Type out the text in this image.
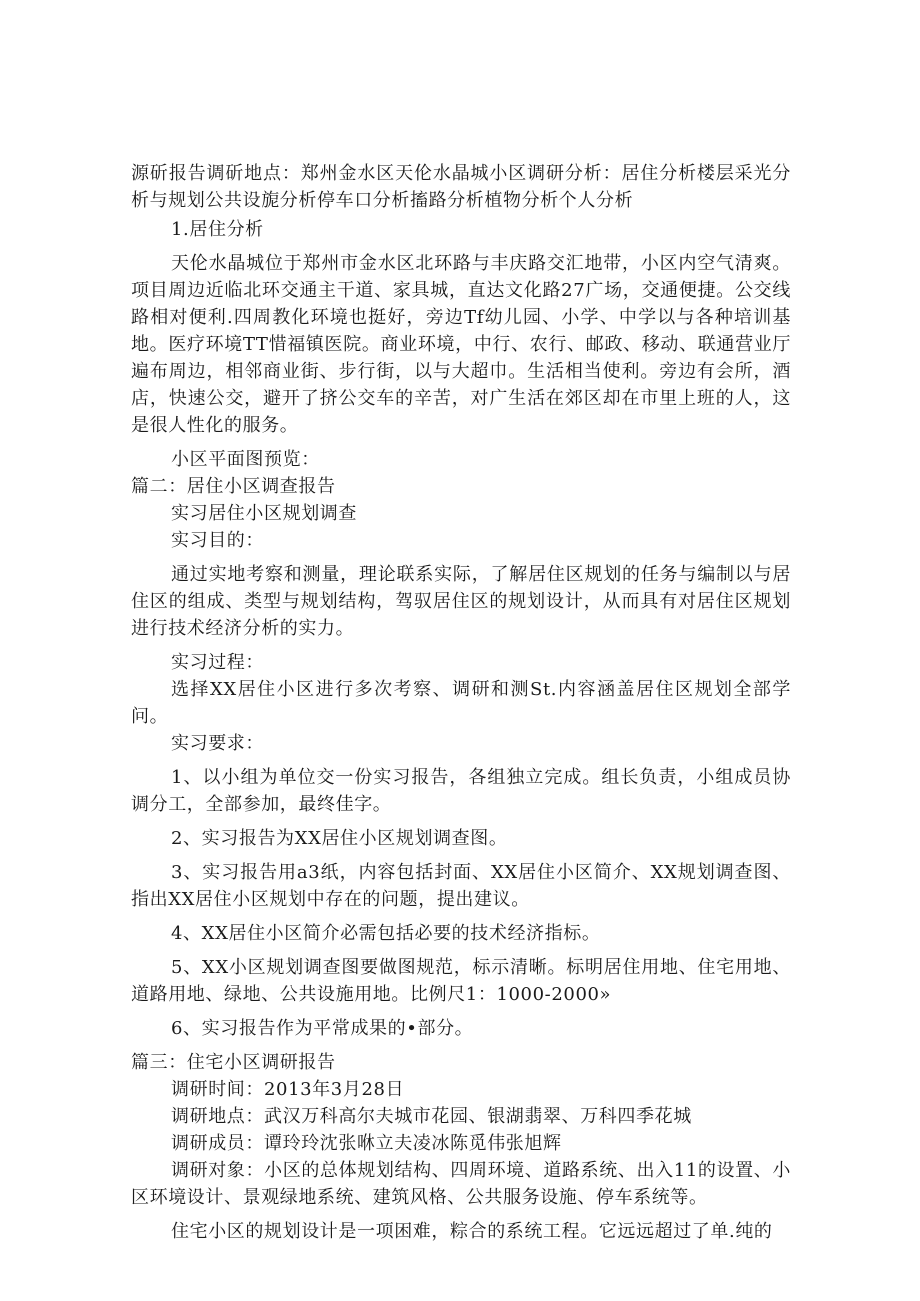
源斫报告调斫地点：郑州金水区天伦水晶城小区调研分析：居住分析楼层采光分析与规划公共设旎分析停车口分析搐路分析植物分析个人分析

1.居住分析

天伦水晶城位于郑州市金水区北环路与丰庆路交汇地带，小区内空气清爽。项目周边近临北环交通主干道、家具城，直达文化路27广场，交通便捷。公交线路相对便利.四周教化环境也挺好，旁边Tf幼儿园、小学、中学以与各种培训基地。医疗环境TT惜福镇医院。商业环境，中行、农行、邮政、移动、联通营业厅遍布周边，相邻商业街、步行街，以与大超巾。生活相当使利。旁边有会所，酒店，快速公交，避开了挤公交车的辛苦，对广生活在郊区却在市里上班的人，这是很人性化的服务。

小区平面图预览：

篇二：居住小区调查报告

实习居住小区规划调查

实习目的：

通过实地考察和测量，理论联系实际，了解居住区规划的任务与编制以与居住区的组成、类型与规划结构，驾驭居住区的规划设计，从而具有对居住区规划进行技术经济分析的实力。

实习过程：

选择XX居住小区进行多次考察、调研和测St.内容涵盖居住区规划全部学问。

实习要求：

1、以小组为单位交一份实习报告，各组独立完成。组长负责，小组成员协调分工，全部参加，最终佳字。

2、实习报告为XX居住小区规划调查图。

3、实习报告用a3纸，内容包括封面、XX居住小区简介、XX规划调查图、指出XX居住小区规划中存在的问题，提出建议。

4、XX居住小区简介必需包括必要的技术经济指标。

5、XX小区规划调查图要做图规范，标示清晰。标明居住用地、住宅用地、道路用地、绿地、公共设施用地。比例尺1：1000-2000»

6、实习报告作为平常成果的•部分。

篇三：住宅小区调研报告

调研时间：2013年3月28日

调研地点：武汉万科高尔夫城市花园、银湖翡翠、万科四季花城

调研成员：谭玲玲沈张咻立夫凌冰陈觅伟张旭辉

调研对象：小区的总体规划结构、四周环境、道路系统、出入11的设置、小区环境设计、景观绿地系统、建筑风格、公共服务设施、停车系统等。

住宅小区的规划设计是一项困难，粽合的系统工程。它远远超过了单.纯的
